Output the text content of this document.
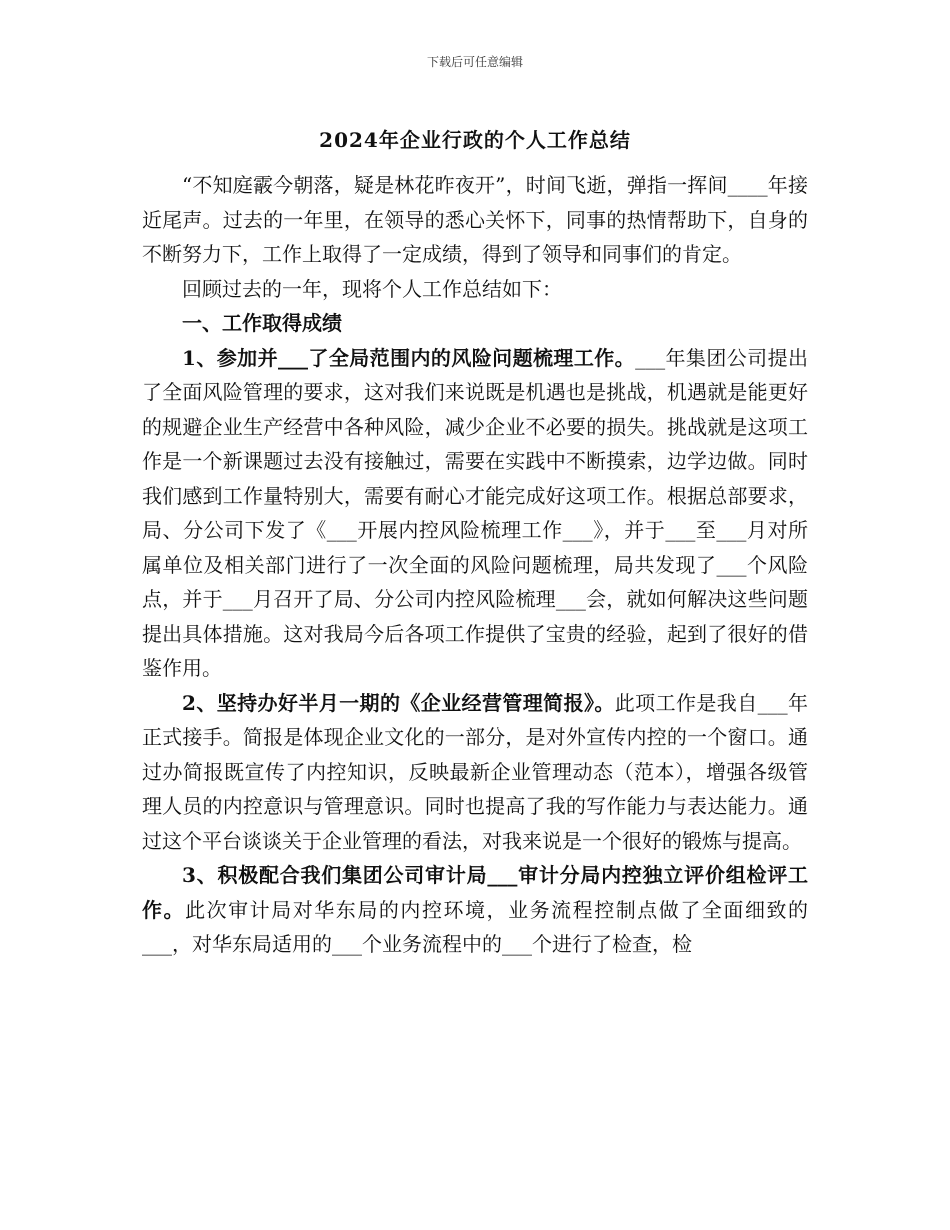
下载后可任意编辑
2024年企业行政的个人工作总结

“不知庭霰今朝落，疑是林花昨夜开”，时间飞逝，弹指一挥间____年接近尾声。过去的一年里，在领导的悉心关怀下，同事的热情帮助下，自身的不断努力下，工作上取得了一定成绩，得到了领导和同事们的肯定。

回顾过去的一年，现将个人工作总结如下：

一、工作取得成绩

1、参加并___了全局范围内的风险问题梳理工作。___年集团公司提出了全面风险管理的要求，这对我们来说既是机遇也是挑战，机遇就是能更好的规避企业生产经营中各种风险，减少企业不必要的损失。挑战就是这项工作是一个新课题过去没有接触过，需要在实践中不断摸索，边学边做。同时我们感到工作量特别大，需要有耐心才能完成好这项工作。根据总部要求，局、分公司下发了《___开展内控风险梳理工作___》，并于___至___月对所属单位及相关部门进行了一次全面的风险问题梳理，局共发现了___个风险点，并于___月召开了局、分公司内控风险梳理___会，就如何解决这些问题提出具体措施。这对我局今后各项工作提供了宝贵的经验，起到了很好的借鉴作用。

2、坚持办好半月一期的《企业经营管理简报》。此项工作是我自___年正式接手。简报是体现企业文化的一部分，是对外宣传内控的一个窗口。通过办简报既宣传了内控知识，反映最新企业管理动态（范本），增强各级管理人员的内控意识与管理意识。同时也提高了我的写作能力与表达能力。通过这个平台谈谈关于企业管理的看法，对我来说是一个很好的锻炼与提高。

3、积极配合我们集团公司审计局___审计分局内控独立评价组检评工作。此次审计局对华东局的内控环境，业务流程控制点做了全面细致的___，对华东局适用的___个业务流程中的___个进行了检查，检
